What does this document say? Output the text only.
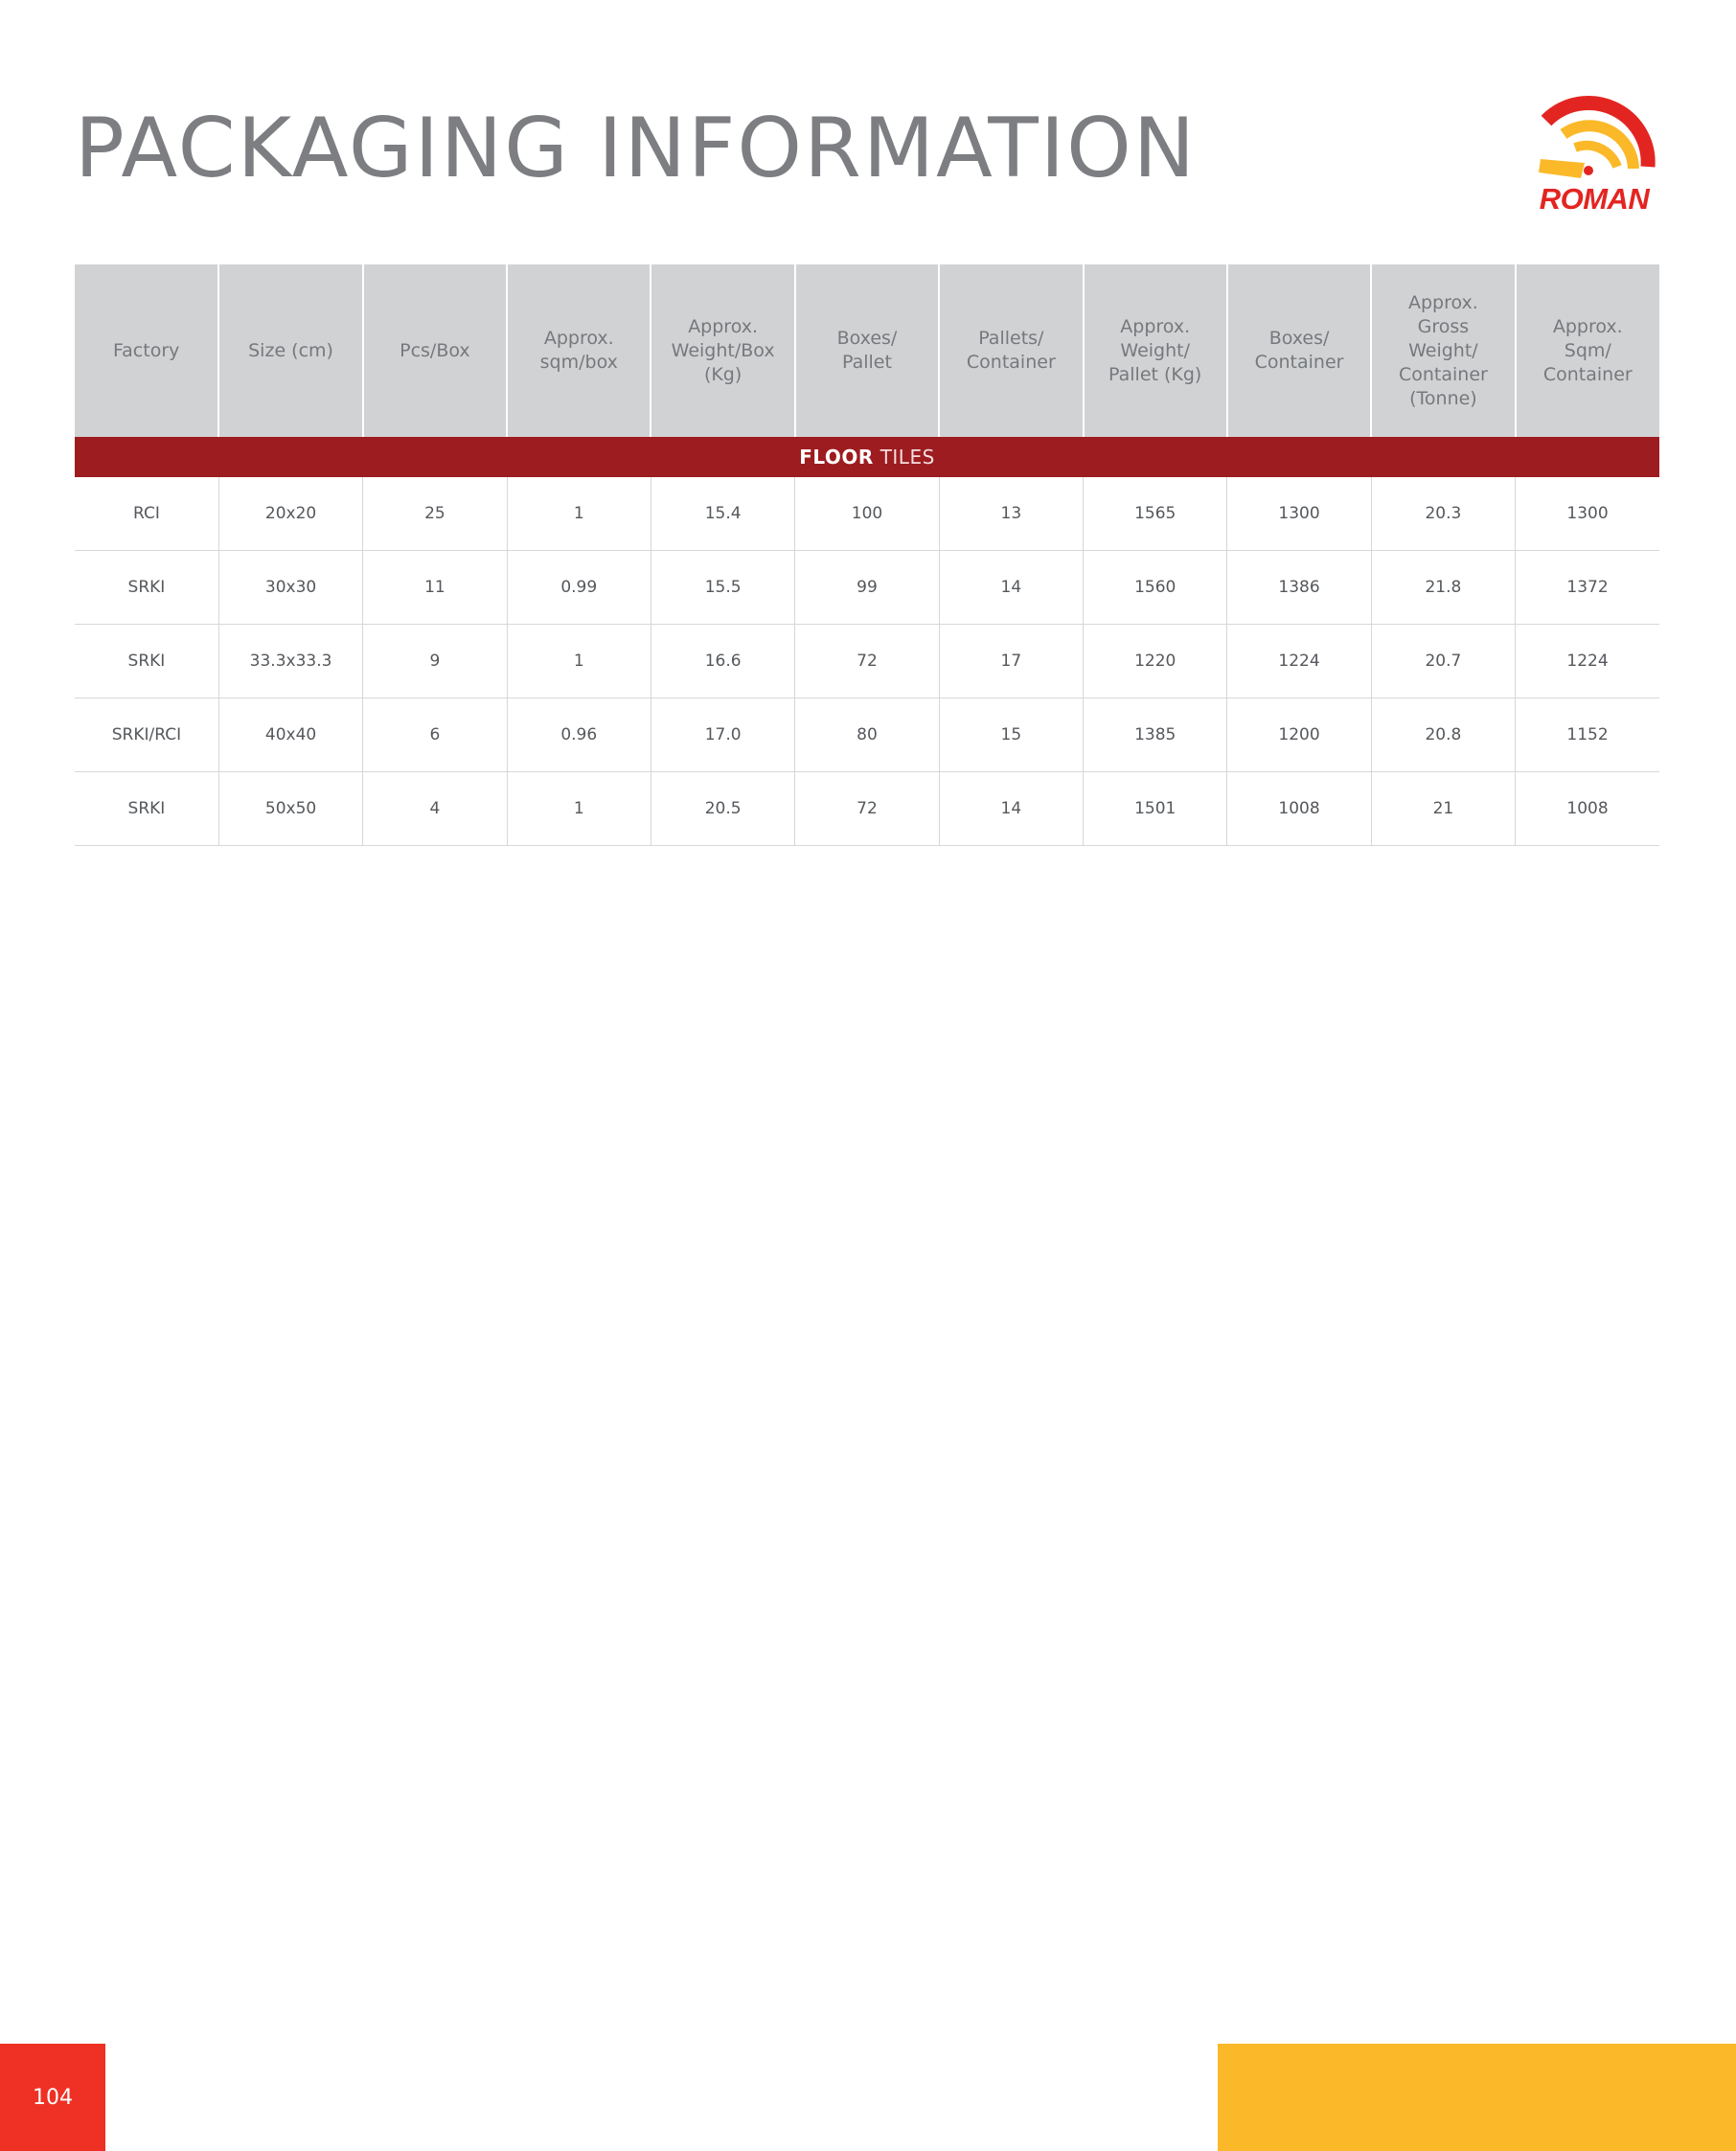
PACKAGING INFORMATION
ROMAN
Factory	Size (cm)	Pcs/Box	Approx.
sqm/box	Approx.
Weight/Box
(Kg)	Boxes/
Pallet	Pallets/
Container	Approx.
Weight/
Pallet (Kg)	Boxes/
Container	Approx.
Gross
Weight/
Container
(Tonne)	Approx.
Sqm/
Container

FLOOR TILES										
RCI	20x20	25	1	15.4	100	13	1565	1300	20.3	1300
SRKI	30x30	11	0.99	15.5	99	14	1560	1386	21.8	1372
SRKI	33.3x33.3	9	1	16.6	72	17	1220	1224	20.7	1224
SRKI/RCI	40x40	6	0.96	17.0	80	15	1385	1200	20.8	1152
SRKI	50x50	4	1	20.5	72	14	1501	1008	21	1008
104
